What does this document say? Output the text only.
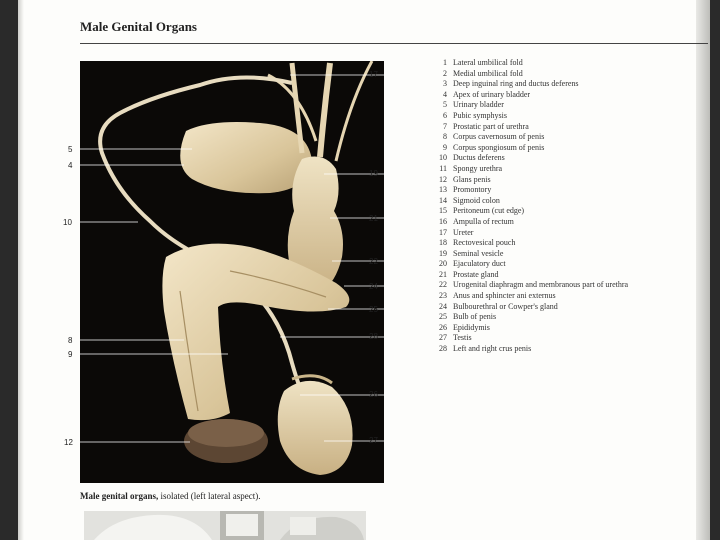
Male Genital Organs
5
4
10
8
9
12
17
19
21
22
24
25
28
26
27
1 Lateral umbilical fold
2 Medial umbilical fold
3 Deep inguinal ring and ductus deferens
4 Apex of urinary bladder
5 Urinary bladder
6 Pubic symphysis
7 Prostatic part of urethra
8 Corpus cavernosum of penis
9 Corpus spongiosum of penis
10 Ductus deferens
11 Spongy urethra
12 Glans penis
13 Promontory
14 Sigmoid colon
15 Peritoneum (cut edge)
16 Ampulla of rectum
17 Ureter
18 Rectovesical pouch
19 Seminal vesicle
20 Ejaculatory duct
21 Prostate gland
22 Urogenital diaphragm and membranous part of urethra
23 Anus and sphincter ani externus
24 Bulbourethral or Cowper's gland
25 Bulb of penis
26 Epididymis
27 Testis
28 Left and right crus penis
Male genital organs, isolated (left lateral aspect).
